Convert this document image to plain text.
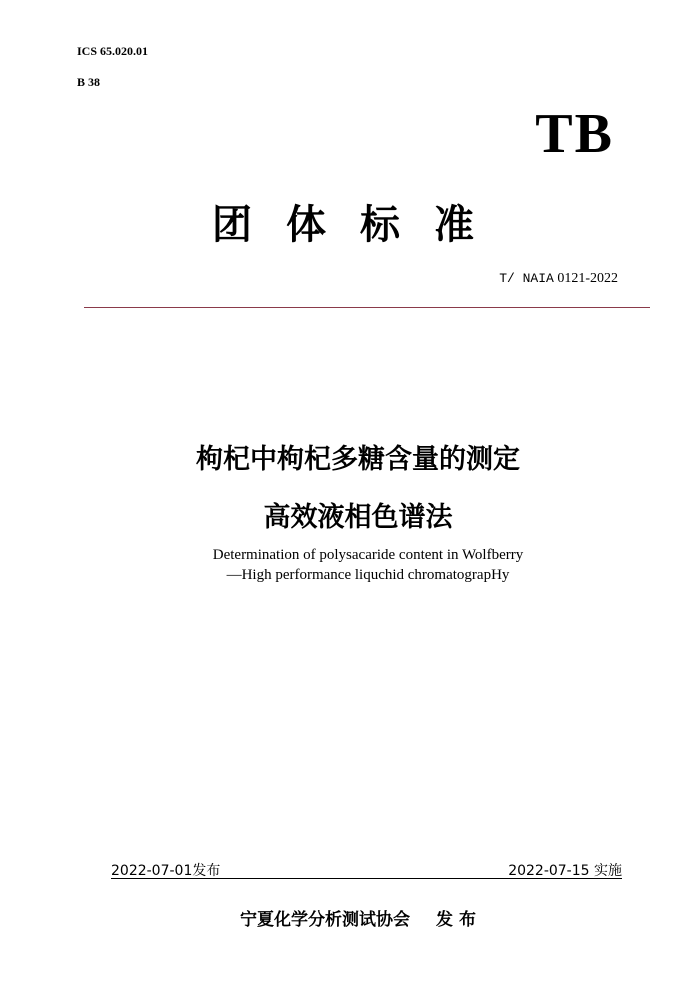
ICS 65.020.01
B 38
TB
团体标准
T/ NAIA 0121-2022
枸杞中枸杞多糖含量的测定
高效液相色谱法
Determination of polysacaride content in Wolfberry
—High performance liquchid chromatograpHy
2022-07-01发布	2022-07-15 实施
宁夏化学分析测试协会 发 布
